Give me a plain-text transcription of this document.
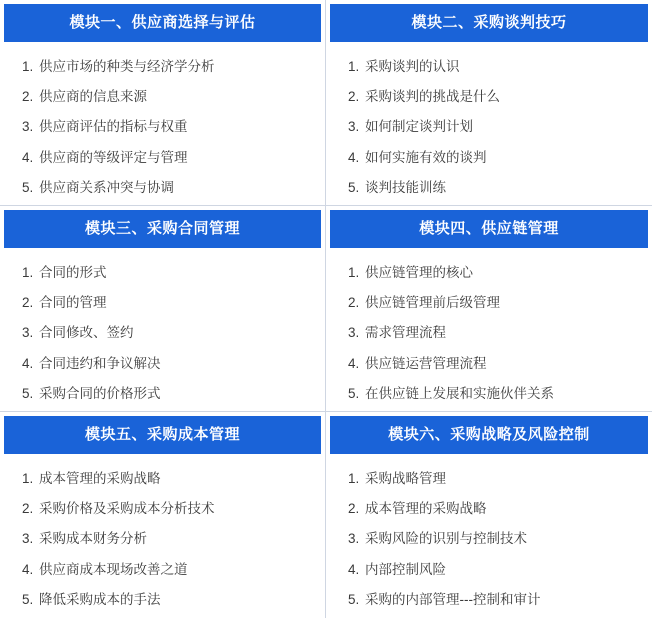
模块一、供应商选择与评估
1. 供应市场的种类与经济学分析
2. 供应商的信息来源
3. 供应商评估的指标与权重
4. 供应商的等级评定与管理
5. 供应商关系冲突与协调
模块二、采购谈判技巧
1. 采购谈判的认识
2. 采购谈判的挑战是什么
3. 如何制定谈判计划
4. 如何实施有效的谈判
5. 谈判技能训练
模块三、采购合同管理
1. 合同的形式
2. 合同的管理
3. 合同修改、签约
4. 合同违约和争议解决
5. 采购合同的价格形式
模块四、供应链管理
1. 供应链管理的核心
2. 供应链管理前后级管理
3. 需求管理流程
4. 供应链运营管理流程
5. 在供应链上发展和实施伙伴关系
模块五、采购成本管理
1. 成本管理的采购战略
2. 采购价格及采购成本分析技术
3. 采购成本财务分析
4. 供应商成本现场改善之道
5. 降低采购成本的手法
模块六、采购战略及风险控制
1. 采购战略管理
2. 成本管理的采购战略
3. 采购风险的识别与控制技术
4. 内部控制风险
5. 采购的内部管理---控制和审计
